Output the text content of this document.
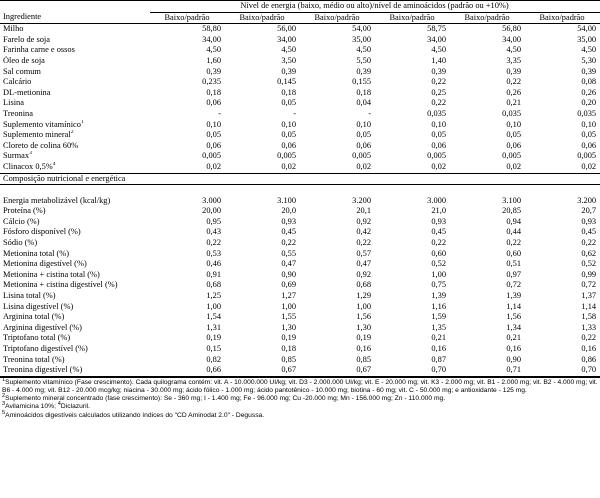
	Nível de energia (baixo, médio ou alto)/nível de aminoácidos (padrão ou +10%)					
Ingrediente	Baixo/padrão	Baixo/padrão	Baixo/padrão	Baixo/padrão	Baixo/padrão	Baixo/padrão
Milho	58,80	56,00	54,00	58,75	56,80	54,00
Farelo de soja	34,00	34,00	35,00	34,00	34,00	35,00
Farinha carne e ossos	4,50	4,50	4,50	4,50	4,50	4,50
Óleo de soja	1,60	3,50	5,50	1,40	3,35	5,30
Sal comum	0,39	0,39	0,39	0,39	0,39	0,39
Calcário	0,235	0,145	0,155	0,22	0,22	0,08
DL-metionina	0,18	0,18	0,18	0,25	0,26	0,26
Lisina	0,06	0,05	0,04	0,22	0,21	0,20
Treonina	-	-	-	0,035	0,035	0,035
Suplemento vitamínico$^1$	0,10	0,10	0,10	0,10	0,10	0,10
Suplemento mineral$^2$	0,05	0,05	0,05	0,05	0,05	0,05
Cloreto de colina 60%	0,06	0,06	0,06	0,06	0,06	0,06
Surmax$^3$	0,005	0,005	0,005	0,005	0,005	0,005
Clinacox 0,5%$^4$	0,02	0,02	0,02	0,02	0,02	0,02
Composição nutricional e energética						

Energia metabolizável (kcal/kg)	3.000	3.100	3.200	3.000	3.100	3.200
Proteína (%)	20,00	20,0	20,1	21,0	20,85	20,7
Cálcio (%)	0,95	0,93	0,92	0,93	0,94	0,93
Fósforo disponível (%)	0,43	0,45	0,42	0,45	0,44	0,45
Sódio (%)	0,22	0,22	0,22	0,22	0,22	0,22
Metionina total (%)	0,53	0,55	0,57	0,60	0,60	0,62
Metionina digestível (%)	0,46	0,47	0,47	0,52	0,51	0,52
Metionina + cistina total (%)	0,91	0,90	0,92	1,00	0,97	0,99
Metionina + cistina digestível (%)	0,68	0,69	0,68	0,75	0,72	0,72
Lisina total (%)	1,25	1,27	1,29	1,39	1,39	1,37
Lisina digestível (%)	1,00	1,00	1,00	1,16	1,14	1,14
Arginina total (%)	1,54	1,55	1,56	1,59	1,56	1,58
Arginina digestível (%)	1,31	1,30	1,30	1,35	1,34	1,33
Triptofano total (%)	0,19	0,19	0,19	0,21	0,21	0,22
Triptofano digestível (%)	0,15	0,18	0,16	0,16	0,16	0,16
Treonina total (%)	0,82	0,85	0,85	0,87	0,90	0,86
Treonina digestível (%)	0,66	0,67	0,67	0,70	0,71	0,70

$^1$Suplemento vitamínico (Fase crescimento). Cada quilograma contém: vit. A - 10.000.000 UI/kg; vit. D3 - 2.000.000 UI/kg; vit. E - 20.000 mg; vit. K3 - 2.000 mg; vit. B1 - 2.000 mg; vit. B2 - 4.000 mg; vit. B6 - 4.000 mg; vit. B12 - 20.000 mcg/kg; niacina - 30.000 mg; ácido fólico - 1.000 mg; ácido pantotênico - 10.000 mg; biotina - 60 mg; vit. C - 50.000 mg; e antioxidante - 125 mg.

$^2$Suplemento mineral concentrado (fase crescimento): Se - 360 mg; I - 1.400 mg; Fe - 96.000 mg; Cu -20.000 mg; Mn - 156.000 mg; Zn - 110.000 mg.

$^3$Avilamicina 10%; $^4$Diclazuril.

$^5$Aminoácidos digestíveis calculados utilizando índices do "CD Aminodat 2.0" - Degussa.
